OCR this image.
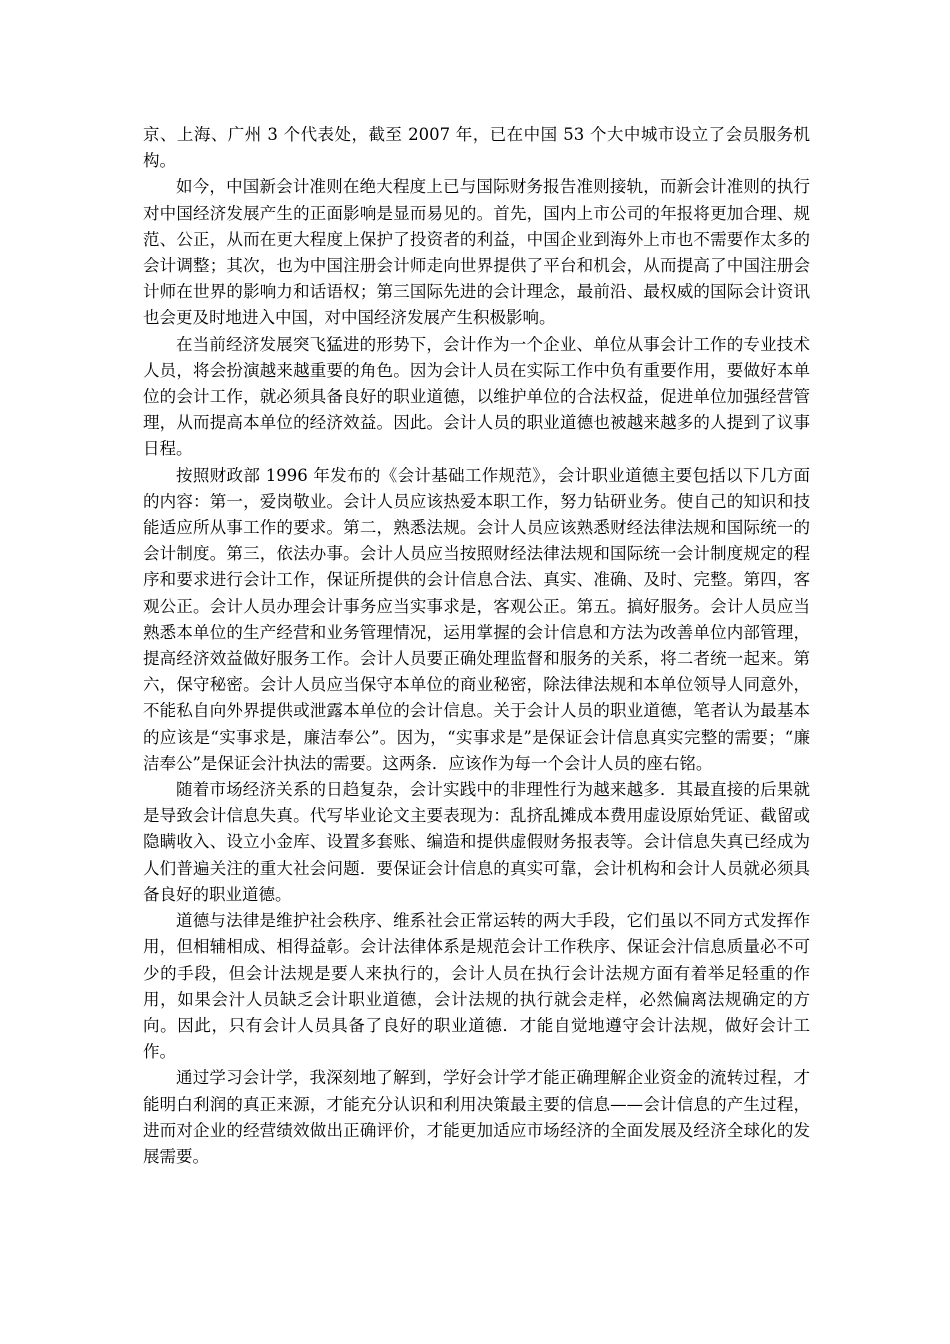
京、上海、广州 3 个代表处，截至 2007 年，已在中国 53 个大中城市设立了会员服务机构。

如今，中国新会计准则在绝大程度上已与国际财务报告准则接轨，而新会计准则的执行对中国经济发展产生的正面影响是显而易见的。首先，国内上市公司的年报将更加合理、规范、公正，从而在更大程度上保护了投资者的利益，中国企业到海外上市也不需要作太多的会计调整；其次，也为中国注册会计师走向世界提供了平台和机会，从而提高了中国注册会计师在世界的影响力和话语权；第三国际先进的会计理念，最前沿、最权威的国际会计资讯也会更及时地进入中国，对中国经济发展产生积极影响。

在当前经济发展突飞猛进的形势下，会计作为一个企业、单位从事会计工作的专业技术人员，将会扮演越来越重要的角色。因为会计人员在实际工作中负有重要作用，要做好本单位的会计工作，就必须具备良好的职业道德，以维护单位的合法权益，促进单位加强经营管理，从而提高本单位的经济效益。因此。会计人员的职业道德也被越来越多的人提到了议事日程。

按照财政部 1996 年发布的《会计基础工作规范》，会计职业道德主要包括以下几方面的内容：第一，爱岗敬业。会计人员应该热爱本职工作，努力钻研业务。使自己的知识和技能适应所从事工作的要求。第二，熟悉法规。会计人员应该熟悉财经法律法规和国际统一的会计制度。第三，依法办事。会计人员应当按照财经法律法规和国际统一会计制度规定的程序和要求进行会计工作，保证所提供的会计信息合法、真实、准确、及时、完整。第四，客观公正。会计人员办理会计事务应当实事求是，客观公正。第五。搞好服务。会计人员应当熟悉本单位的生产经营和业务管理情况，运用掌握的会计信息和方法为改善单位内部管理，提高经济效益做好服务工作。会计人员要正确处理监督和服务的关系，将二者统一起来。第六，保守秘密。会计人员应当保守本单位的商业秘密，除法律法规和本单位领导人同意外，不能私自向外界提供或泄露本单位的会计信息。关于会计人员的职业道德，笔者认为最基本的应该是“实事求是，廉洁奉公”。因为，“实事求是”是保证会计信息真实完整的需要；“廉洁奉公”是保证会汁执法的需要。这两条．应该作为每一个会计人员的座右铭。

随着市场经济关系的日趋复杂，会计实践中的非理性行为越来越多．其最直接的后果就是导致会计信息失真。代写毕业论文主要表现为：乱挤乱摊成本费用虚设原始凭证、截留或隐瞒收入、设立小金库、设置多套账、编造和提供虚假财务报表等。会计信息失真已经成为人们普遍关注的重大社会问题．要保证会计信息的真实可靠，会计机构和会计人员就必须具备良好的职业道德。

道德与法律是维护社会秩序、维系社会正常运转的两大手段，它们虽以不同方式发挥作用，但相辅相成、相得益彰。会计法律体系是规范会计工作秩序、保证会汁信息质量必不可少的手段，但会计法规是要人来执行的，会计人员在执行会计法规方面有着举足轻重的作用，如果会汁人员缺乏会计职业道德，会计法规的执行就会走样，必然偏离法规确定的方向。因此，只有会计人员具备了良好的职业道德．才能自觉地遵守会计法规，做好会计工作。

通过学习会计学，我深刻地了解到，学好会计学才能正确理解企业资金的流转过程，才能明白利润的真正来源，才能充分认识和利用决策最主要的信息——会计信息的产生过程，进而对企业的经营绩效做出正确评价，才能更加适应市场经济的全面发展及经济全球化的发展需要。
